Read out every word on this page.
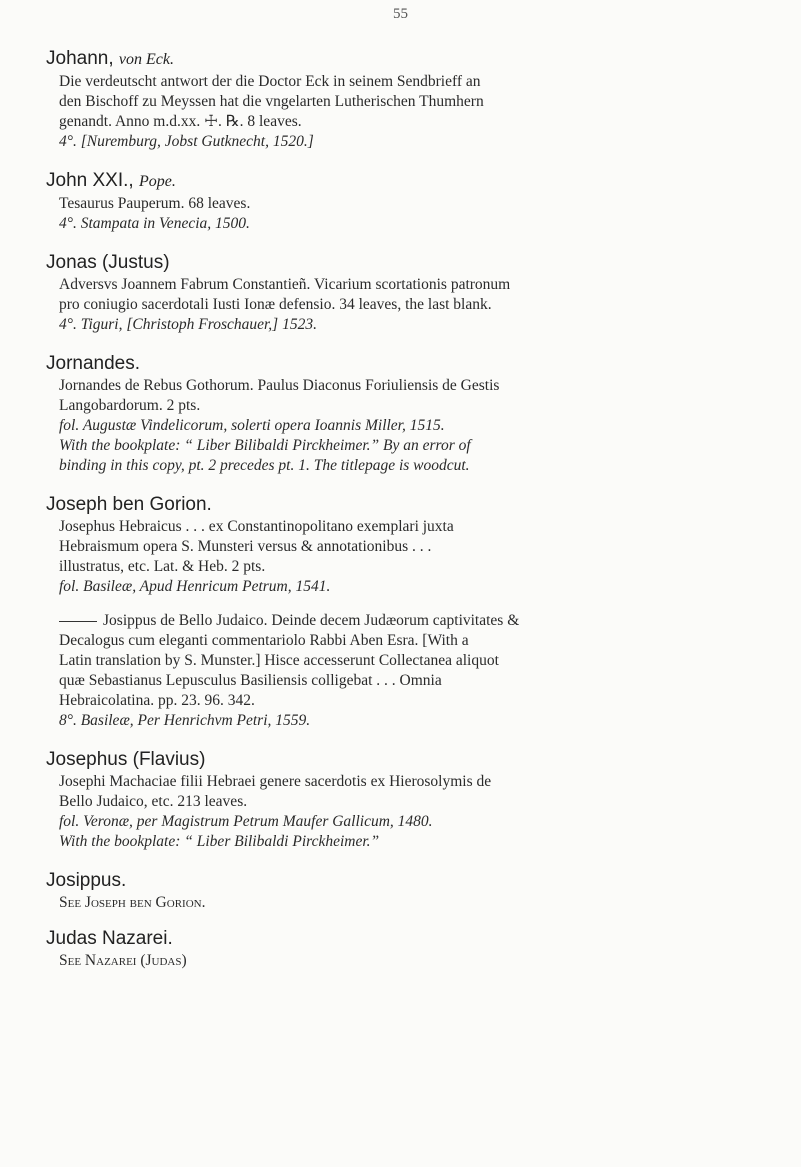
55
Johann, von Eck.
Die verdeutscht antwort der die Doctor Eck in seinem Sendbrieff an
den Bischoff zu Meyssen hat die vngelarten Lutherischen Thumhern
genandt. Anno m.d.xx. ☩. ℞. 8 leaves.
4°. [Nuremburg, Jobst Gutknecht, 1520.]
John XXI., Pope.
Tesaurus Pauperum. 68 leaves.
4°. Stampata in Venecia, 1500.
Jonas (Justus)
Adversvs Joannem Fabrum Constantieñ. Vicarium scortationis patronum
pro coniugio sacerdotali Iusti Ionæ defensio. 34 leaves, the last blank.
4°. Tiguri, [Christoph Froschauer,] 1523.
Jornandes.
Jornandes de Rebus Gothorum. Paulus Diaconus Foriuliensis de Gestis
Langobardorum. 2 pts.
fol. Augustæ Vindelicorum, solerti opera Ioannis Miller, 1515.
With the bookplate: “ Liber Bilibaldi Pirckheimer.” By an error of
binding in this copy, pt. 2 precedes pt. 1. The titlepage is woodcut.
Joseph ben Gorion.
Josephus Hebraicus . . . ex Constantinopolitano exemplari juxta
Hebraismum opera S. Munsteri versus & annotationibus . . .
illustratus, etc. Lat. & Heb. 2 pts.
fol. Basileæ, Apud Henricum Petrum, 1541.
Josippus de Bello Judaico. Deinde decem Judæorum captivitates &
Decalogus cum eleganti commentariolo Rabbi Aben Esra. [With a
Latin translation by S. Munster.] Hisce accesserunt Collectanea aliquot
quæ Sebastianus Lepusculus Basiliensis colligebat . . . Omnia
Hebraicolatina. pp. 23. 96. 342.
8°. Basileæ, Per Henrichvm Petri, 1559.
Josephus (Flavius)
Josephi Machaciae filii Hebraei genere sacerdotis ex Hierosolymis de
Bello Judaico, etc. 213 leaves.
fol. Veronæ, per Magistrum Petrum Maufer Gallicum, 1480.
With the bookplate: “ Liber Bilibaldi Pirckheimer.”
Josippus.
See Joseph ben Gorion.
Judas Nazarei.
See Nazarei (Judas)
